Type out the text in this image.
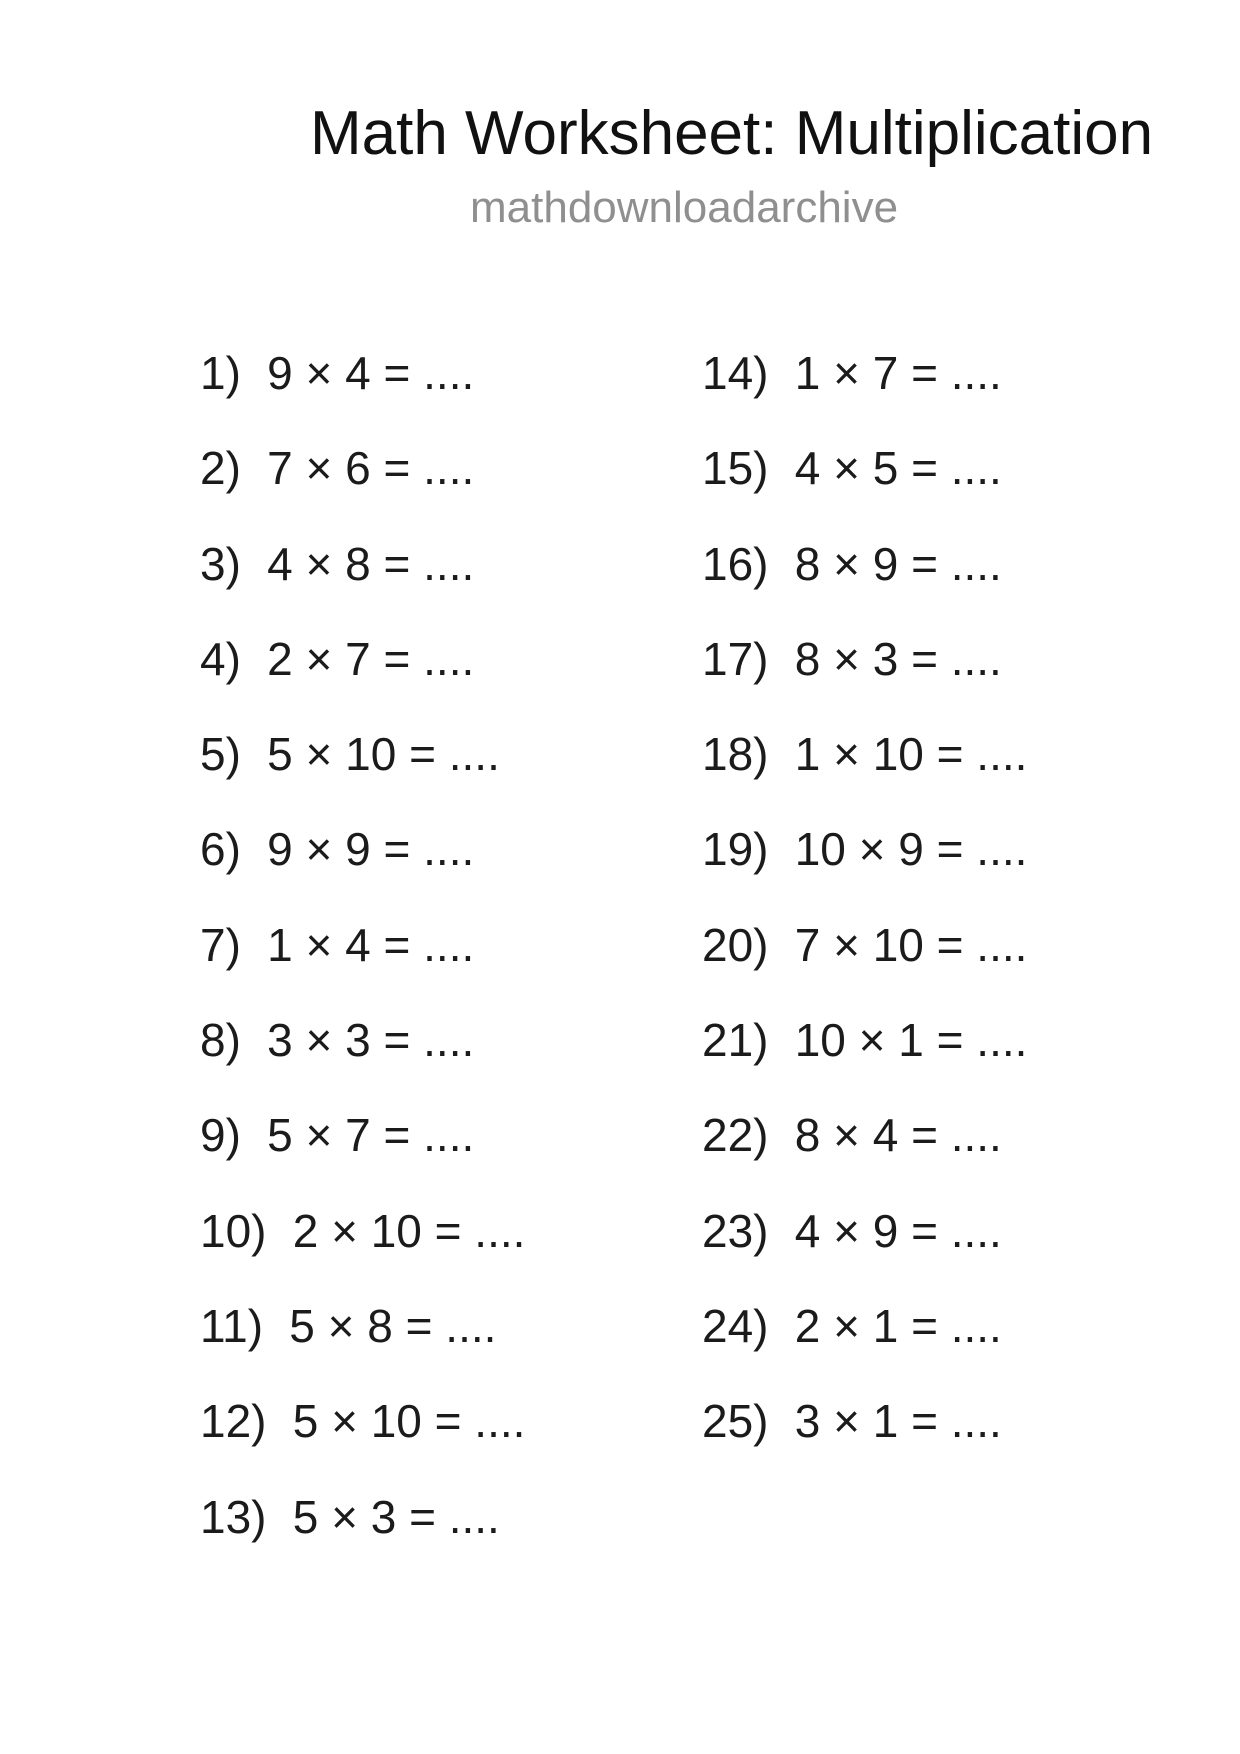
Math Worksheet: Multiplication
mathdownloadarchive
1) 9 × 4 = ....
2) 7 × 6 = ....
3) 4 × 8 = ....
4) 2 × 7 = ....
5) 5 × 10 = ....
6) 9 × 9 = ....
7) 1 × 4 = ....
8) 3 × 3 = ....
9) 5 × 7 = ....
10) 2 × 10 = ....
11) 5 × 8 = ....
12) 5 × 10 = ....
13) 5 × 3 = ....
14) 1 × 7 = ....
15) 4 × 5 = ....
16) 8 × 9 = ....
17) 8 × 3 = ....
18) 1 × 10 = ....
19) 10 × 9 = ....
20) 7 × 10 = ....
21) 10 × 1 = ....
22) 8 × 4 = ....
23) 4 × 9 = ....
24) 2 × 1 = ....
25) 3 × 1 = ....
